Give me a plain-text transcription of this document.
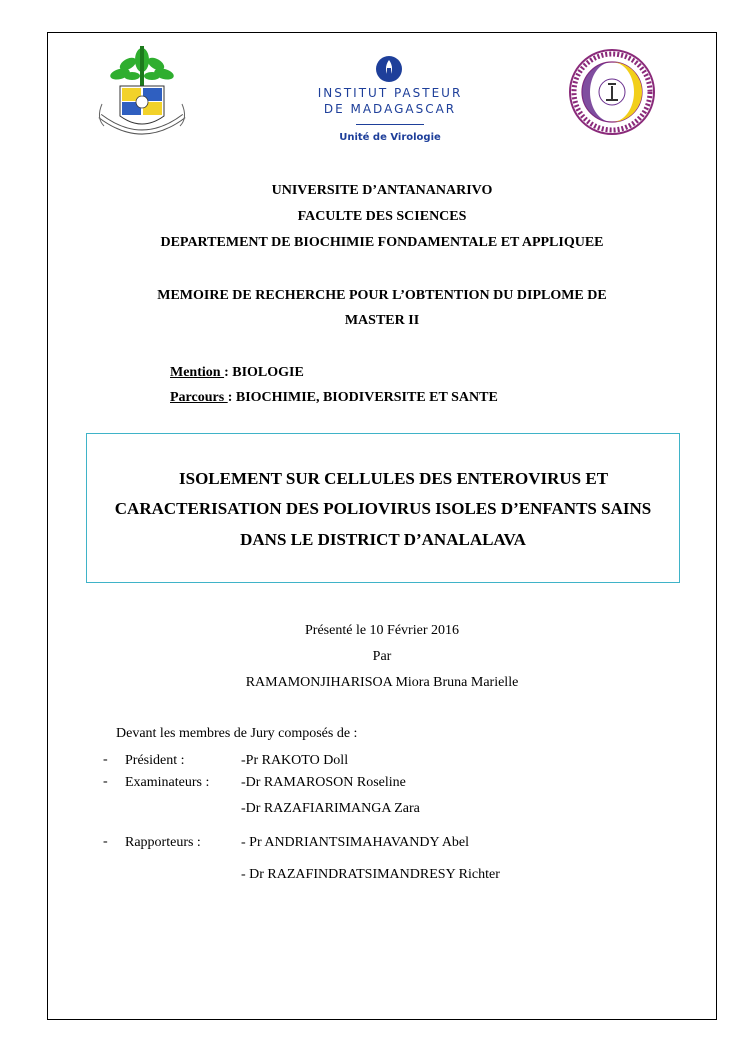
INSTITUT PASTEUR
DE MADAGASCAR
Unité de Virologie
UNIVERSITE D’ANTANANARIVO
FACULTE DES SCIENCES
DEPARTEMENT DE BIOCHIMIE FONDAMENTALE ET APPLIQUEE
MEMOIRE DE RECHERCHE POUR L’OBTENTION DU DIPLOME DE
MASTER II
Mention : BIOLOGIE
Parcours : BIOCHIMIE, BIODIVERSITE ET SANTE
ISOLEMENT SUR CELLULES DES ENTEROVIRUS ET
CARACTERISATION DES POLIOVIRUS ISOLES D’ENFANTS SAINS
DANS LE DISTRICT D’ANALALAVA
Présenté le 10 Février 2016
Par
RAMAMONJIHARISOA Miora Bruna Marielle
Devant les membres de Jury composés de :
- Président :	-Pr RAKOTO Doll
- Examinateurs : -Dr RAMAROSON Roseline
-Dr RAZAFIARIMANGA Zara
- Rapporteurs :	- Pr ANDRIANTSIMAHAVANDY Abel
- Dr RAZAFINDRATSIMANDRESY Richter
